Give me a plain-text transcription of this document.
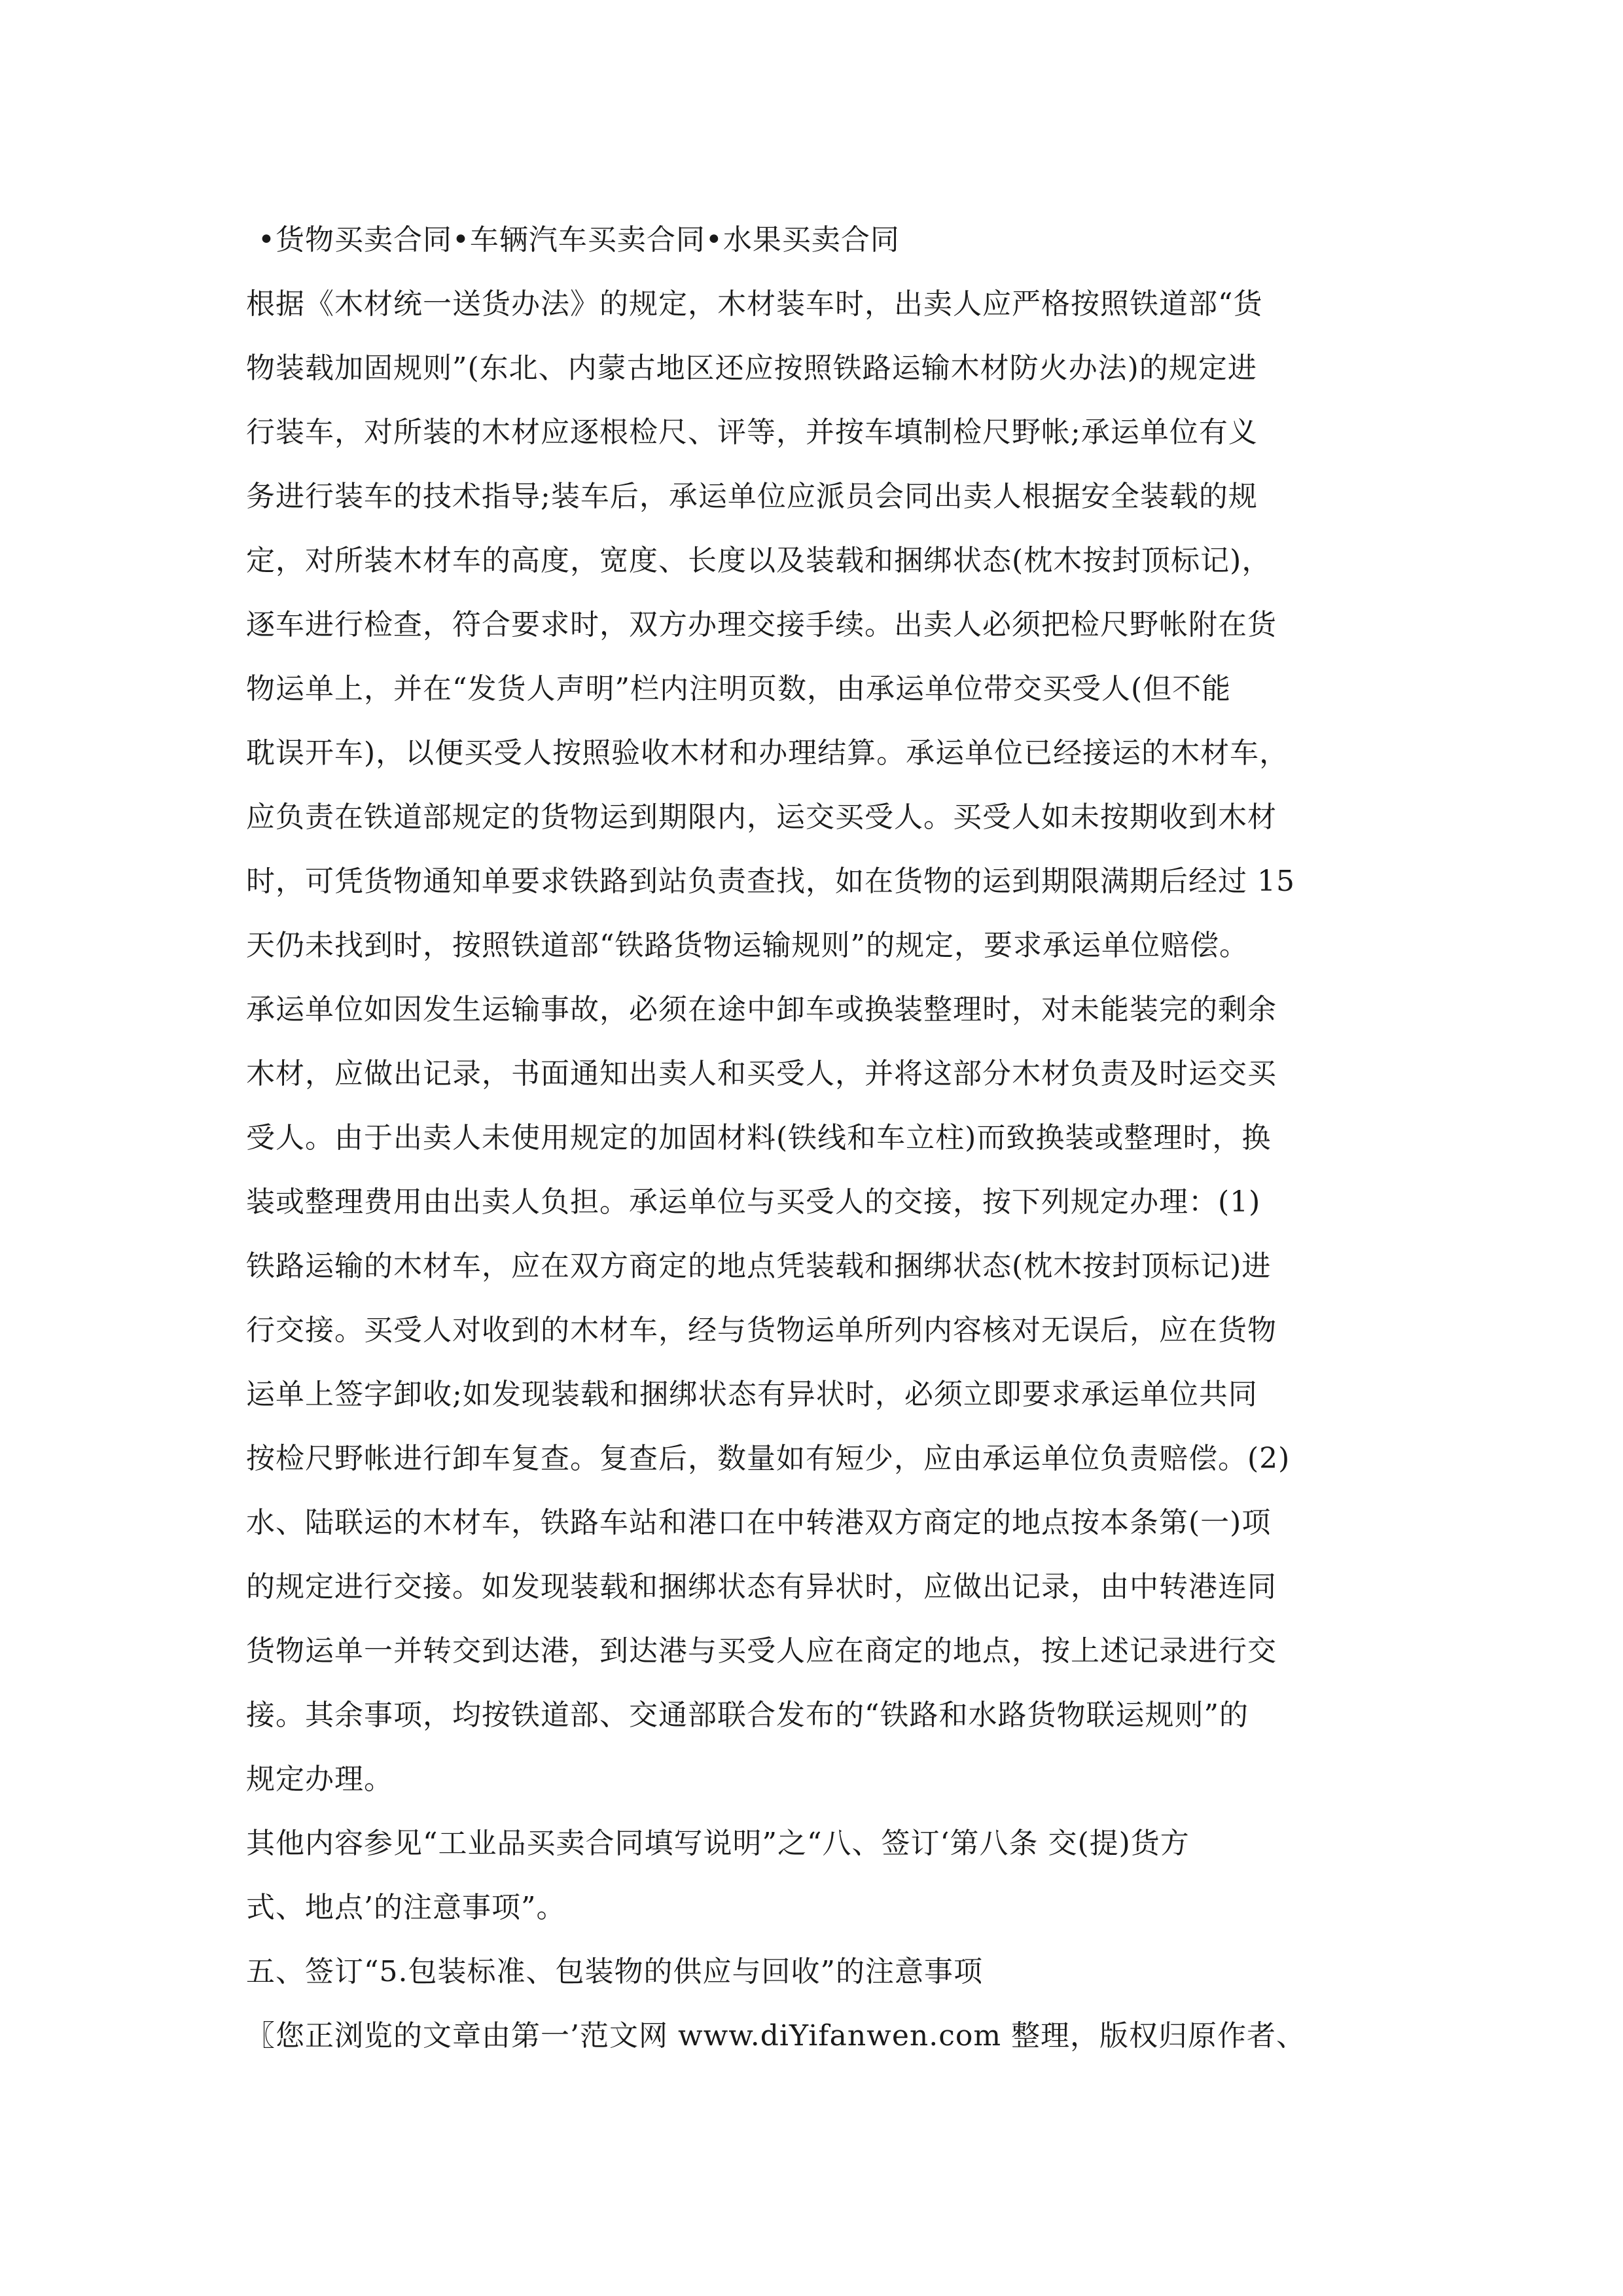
•货物买卖合同•车辆汽车买卖合同•水果买卖合同
根据《木材统一送货办法》的规定，木材装车时，出卖人应严格按照铁道部“货
物装载加固规则”(东北、内蒙古地区还应按照铁路运输木材防火办法)的规定进
行装车，对所装的木材应逐根检尺、评等，并按车填制检尺野帐;承运单位有义
务进行装车的技术指导;装车后，承运单位应派员会同出卖人根据安全装载的规
定，对所装木材车的高度，宽度、长度以及装载和捆绑状态(枕木按封顶标记)，
逐车进行检查，符合要求时，双方办理交接手续。出卖人必须把检尺野帐附在货
物运单上，并在“发货人声明”栏内注明页数，由承运单位带交买受人(但不能
耽误开车)，以便买受人按照验收木材和办理结算。承运单位已经接运的木材车，
应负责在铁道部规定的货物运到期限内，运交买受人。买受人如未按期收到木材
时，可凭货物通知单要求铁路到站负责查找，如在货物的运到期限满期后经过 15
天仍未找到时，按照铁道部“铁路货物运输规则”的规定，要求承运单位赔偿。
承运单位如因发生运输事故，必须在途中卸车或换装整理时，对未能装完的剩余
木材，应做出记录，书面通知出卖人和买受人，并将这部分木材负责及时运交买
受人。由于出卖人未使用规定的加固材料(铁线和车立柱)而致换装或整理时，换
装或整理费用由出卖人负担。承运单位与买受人的交接，按下列规定办理：(1)
铁路运输的木材车，应在双方商定的地点凭装载和捆绑状态(枕木按封顶标记)进
行交接。买受人对收到的木材车，经与货物运单所列内容核对无误后，应在货物
运单上签字卸收;如发现装载和捆绑状态有异状时，必须立即要求承运单位共同
按检尺野帐进行卸车复查。复查后，数量如有短少，应由承运单位负责赔偿。(2)
水、陆联运的木材车，铁路车站和港口在中转港双方商定的地点按本条第(一)项
的规定进行交接。如发现装载和捆绑状态有异状时，应做出记录，由中转港连同
货物运单一并转交到达港，到达港与买受人应在商定的地点，按上述记录进行交
接。其余事项，均按铁道部、交通部联合发布的“铁路和水路货物联运规则”的
规定办理。
其他内容参见“工业品买卖合同填写说明”之“八、签订‘第八条 交(提)货方
式、地点’的注意事项”。
五、签订“5.包装标准、包装物的供应与回收”的注意事项
〖您正浏览的文章由第一’范文网 www.diYifanwen.com 整理，版权归原作者、
